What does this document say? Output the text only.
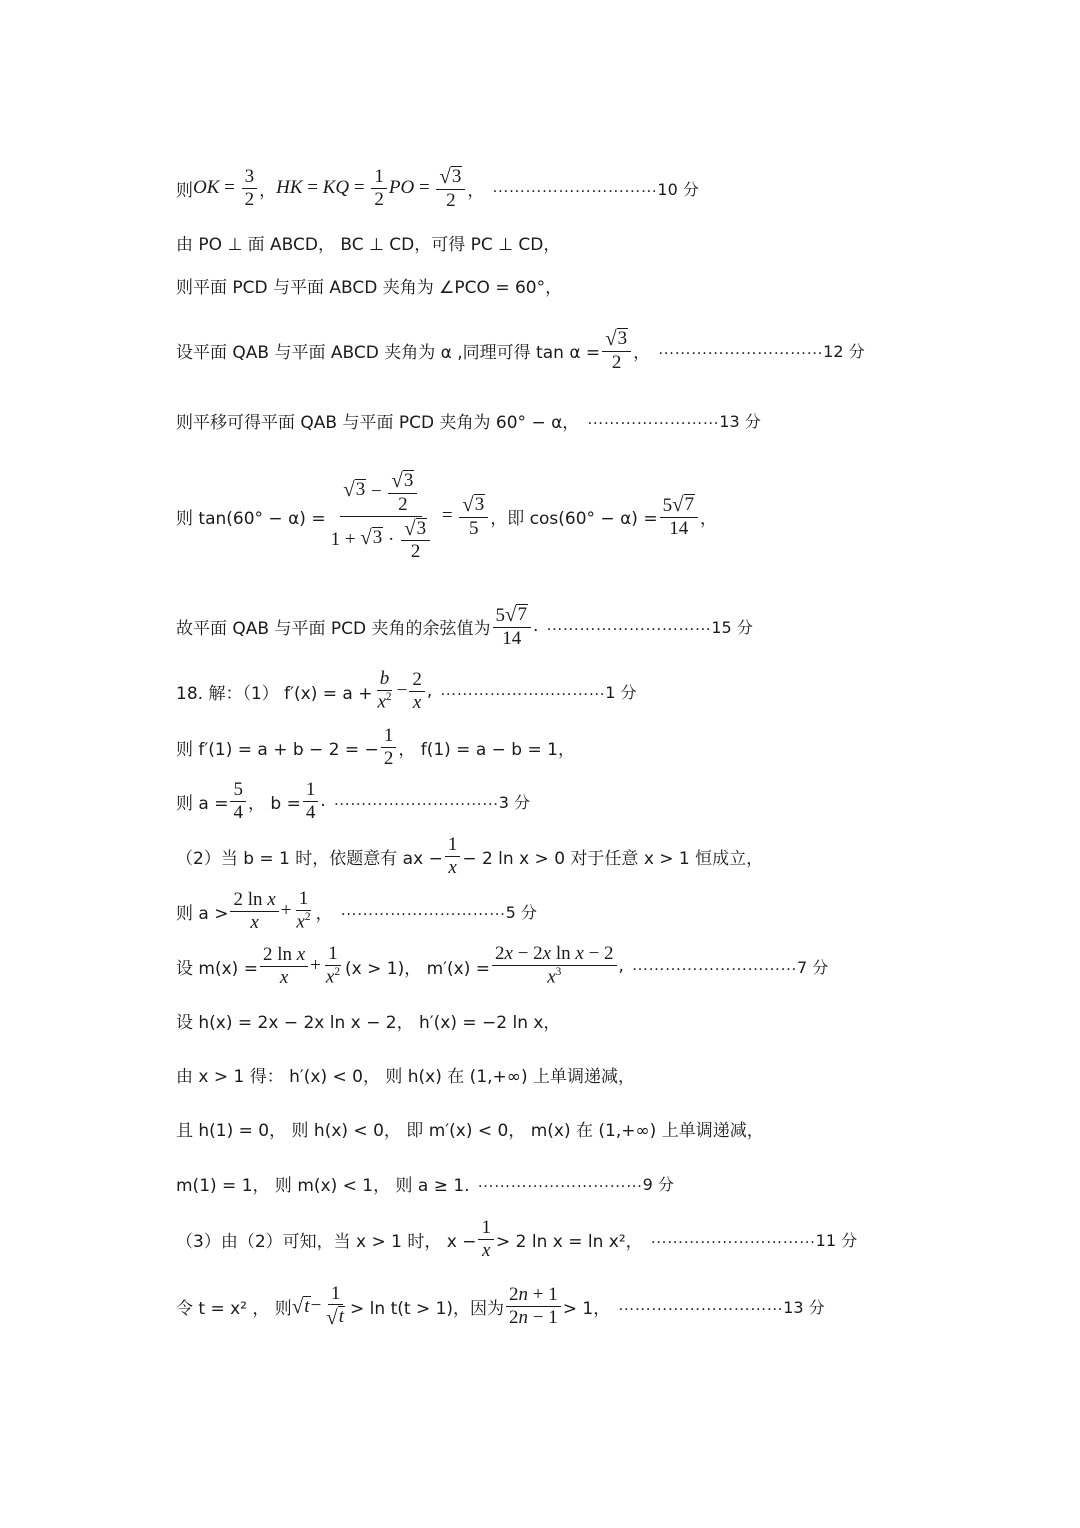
则 OK = $\frac{3}{2}$ ， HK = KQ = $\frac{1}{2}$ PO = $\frac{√ 3}{2}$ ， ………………………… 10 分
由 PO ⊥ 面 ABCD， BC ⊥ CD，可得 PC ⊥ CD，
则平面 PCD 与平面 ABCD 夹角为 ∠PCO = 60°，
设平面 QAB 与平面 ABCD 夹角为 α ,同理可得 $\tan \alpha = \frac{√ 3}{2}$ ， ………………………… 12 分
则平移可得平面 QAB 与平面 PCD 夹角为 60° − α， …………………… 13 分
则 $\tan(60^\circ - \alpha) = \frac{√ 3 - \frac{√ 3}{2}}{1 + √ 3 \cdot \frac{√ 3}{2}} = \frac{√ 3}{5}$ ，即 $\cos(60^\circ - \alpha) = \frac{5 √ 7}{14}$ ，
故平面 QAB 与平面 PCD 夹角的余弦值为 $\frac{5 √ 7}{14}$ . ………………………… 15 分
18. 解：（1） $f'(x) = a + \frac{b}{x^2} - \frac{2}{x}$ , ………………………… 1 分
则 f′(1) = a + b − 2 = − $\frac{1}{2}$ ， f(1) = a − b = 1，
则 $a = \frac{5}{4}$ ， $b = \frac{1}{4}$ . ………………………… 3 分
（2）当 b = 1 时，依题意有 ax − $\frac{1}{x} - 2$ ln x > 0 对于任意 x > 1 恒成立，
则 $a > \frac{\text{2 ln x}}{x} + \frac{1}{x^2}$ ， ………………………… 5 分
设 $m(x) = \frac{\text{2 ln x}}{x} + \frac{1}{x^2} (x > 1)$， $m'(x) = \frac{\text{2x − 2x ln x − 2}}{x^3}$ , ………………………… 7 分
设 h(x) = 2x − 2x ln x − 2， h′(x) = −2 ln x，
由 x > 1 得： h′(x) < 0， 则 h(x) 在 (1,+∞) 上单调递减，
且 h(1) = 0， 则 h(x) < 0， 即 m′(x) < 0， m(x) 在 (1,+∞) 上单调递减，
m(1) = 1， 则 m(x) < 1， 则 a ≥ 1. ………………………… 9 分
（3）由（2）可知，当 x > 1 时， $x - \frac{1}{x} > 2$ ln x = ln x²， ………………………… 11 分
令 t = x² ， 则 √ $t - \frac{1}{√ t} > \ln t(t > 1)$，因为 $\frac{2n + 1}{2n - 1} > 1$， ………………………… 13 分
